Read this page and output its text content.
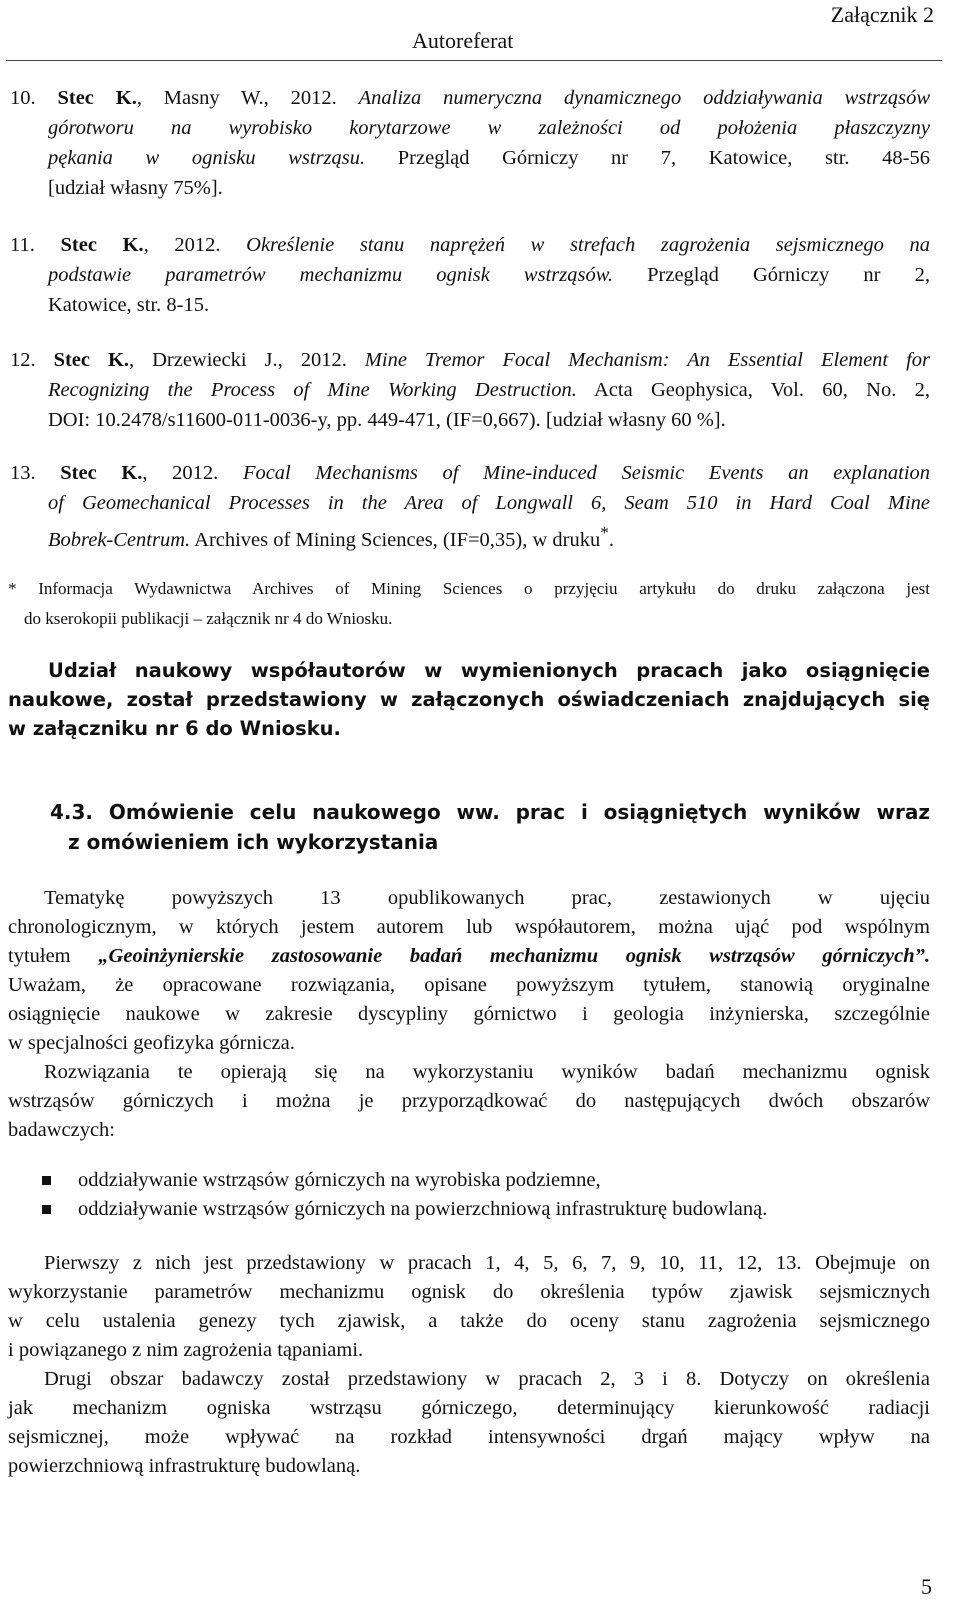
Załącznik 2
Autoreferat
10. Stec K., Masny W., 2012. Analiza numeryczna dynamicznego oddziaływania wstrząsów
górotworu na wyrobisko korytarzowe w zależności od położenia płaszczyzny
pękania w ognisku wstrząsu. Przegląd Górniczy nr 7, Katowice, str. 48-56
[udział własny 75%].
11. Stec K., 2012. Określenie stanu naprężeń w strefach zagrożenia sejsmicznego na
podstawie parametrów mechanizmu ognisk wstrząsów. Przegląd Górniczy nr 2,
Katowice, str. 8-15.
12. Stec K., Drzewiecki J., 2012. Mine Tremor Focal Mechanism: An Essential Element for
Recognizing the Process of Mine Working Destruction. Acta Geophysica, Vol. 60, No. 2,
DOI: 10.2478/s11600-011-0036-y, pp. 449-471, (IF=0,667). [udział własny 60 %].
13. Stec K., 2012. Focal Mechanisms of Mine-induced Seismic Events an explanation
of Geomechanical Processes in the Area of Longwall 6, Seam 510 in Hard Coal Mine
Bobrek-Centrum. Archives of Mining Sciences, (IF=0,35), w druku*.
* Informacja Wydawnictwa Archives of Mining Sciences o przyjęciu artykułu do druku załączona jest
do kserokopii publikacji – załącznik nr 4 do Wniosku.
Udział naukowy współautorów w wymienionych pracach jako osiągnięcie
naukowe, został przedstawiony w załączonych oświadczeniach znajdujących się
w załączniku nr 6 do Wniosku.
4.3. Omówienie celu naukowego ww. prac i osiągniętych wyników wraz
z omówieniem ich wykorzystania
Tematykę powyższych 13 opublikowanych prac, zestawionych w ujęciu
chronologicznym, w których jestem autorem lub współautorem, można ująć pod wspólnym
tytułem „Geoinżynierskie zastosowanie badań mechanizmu ognisk wstrząsów górniczych”.
Uważam, że opracowane rozwiązania, opisane powyższym tytułem, stanowią oryginalne
osiągnięcie naukowe w zakresie dyscypliny górnictwo i geologia inżynierska, szczególnie
w specjalności geofizyka górnicza.
Rozwiązania te opierają się na wykorzystaniu wyników badań mechanizmu ognisk
wstrząsów górniczych i można je przyporządkować do następujących dwóch obszarów
badawczych:
oddziaływanie wstrząsów górniczych na wyrobiska podziemne,
oddziaływanie wstrząsów górniczych na powierzchniową infrastrukturę budowlaną.
Pierwszy z nich jest przedstawiony w pracach 1, 4, 5, 6, 7, 9, 10, 11, 12, 13. Obejmuje on
wykorzystanie parametrów mechanizmu ognisk do określenia typów zjawisk sejsmicznych
w celu ustalenia genezy tych zjawisk, a także do oceny stanu zagrożenia sejsmicznego
i powiązanego z nim zagrożenia tąpaniami.
Drugi obszar badawczy został przedstawiony w pracach 2, 3 i 8. Dotyczy on określenia
jak mechanizm ogniska wstrząsu górniczego, determinujący kierunkowość radiacji
sejsmicznej, może wpływać na rozkład intensywności drgań mający wpływ na
powierzchniową infrastrukturę budowlaną.
5
